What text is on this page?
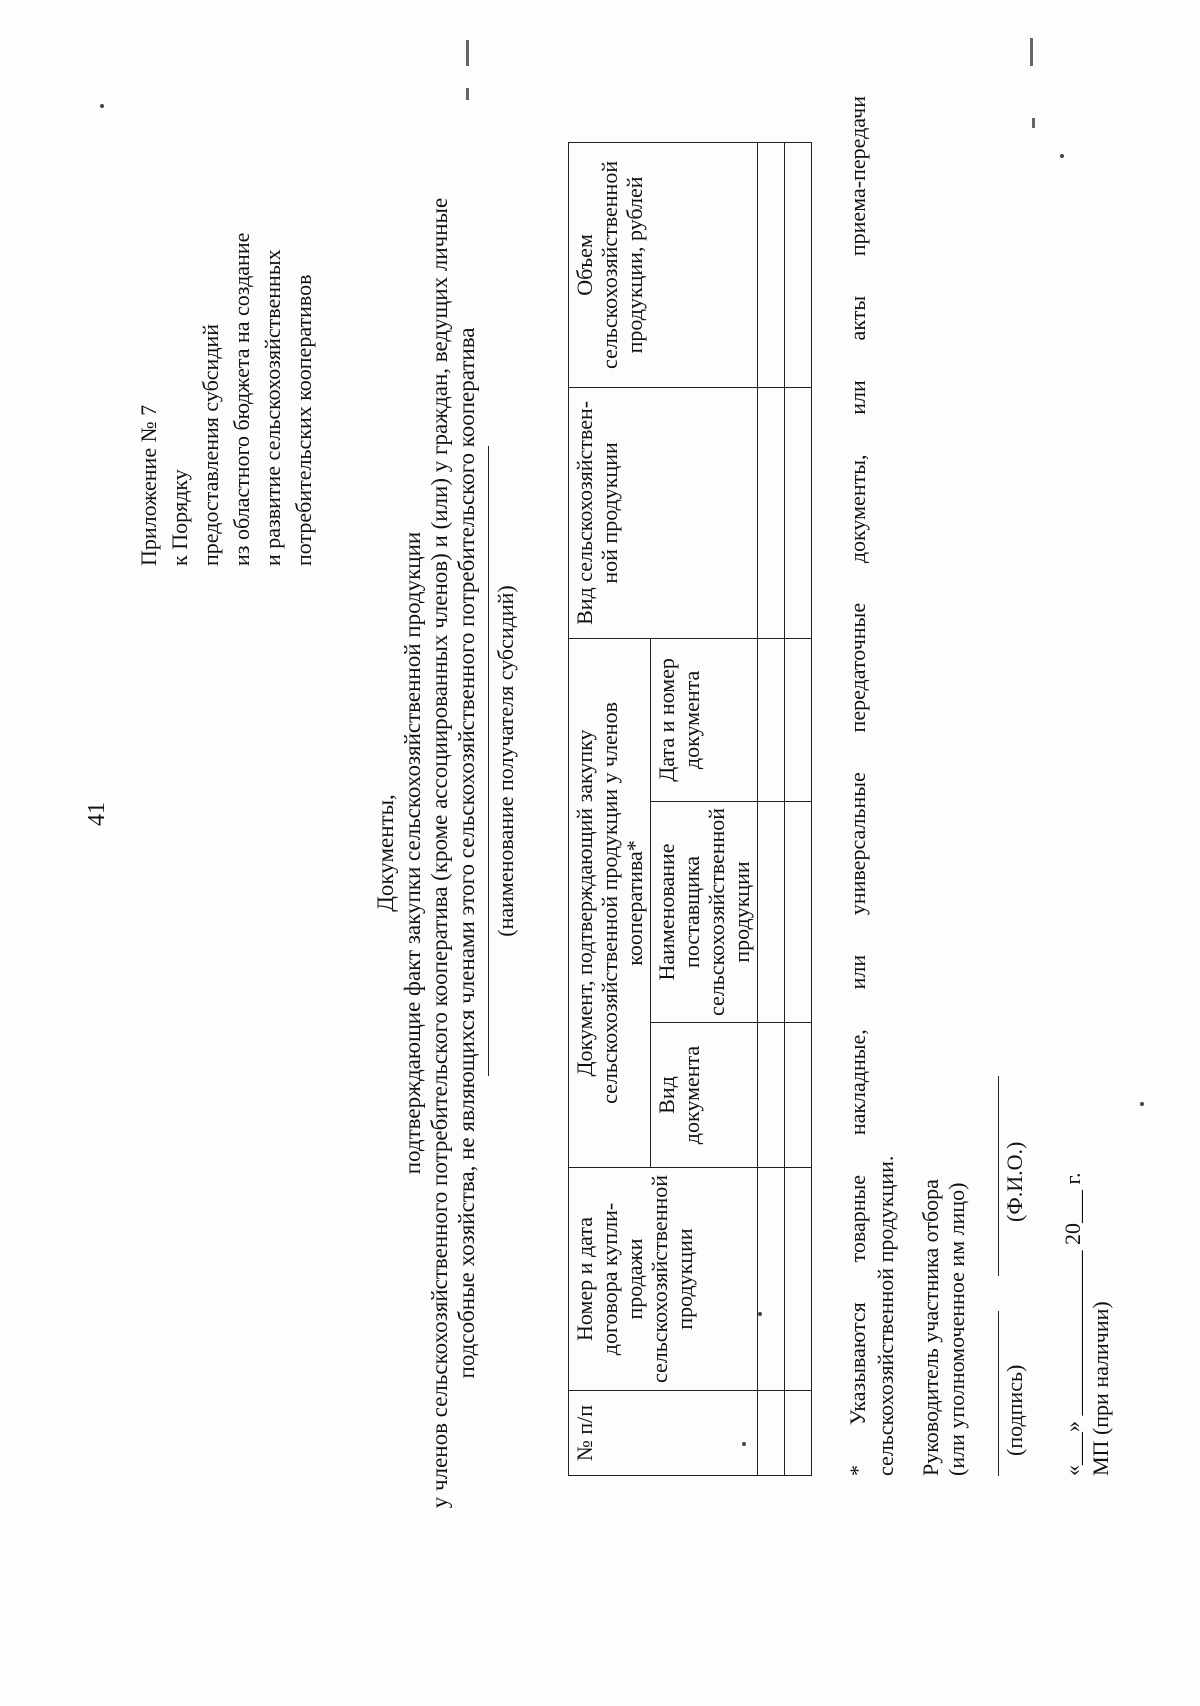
41
Приложение № 7 к Порядку предоставления субсидий из областного бюджета на создание и развитие сельскохозяйственных потребительских кооперативов
Документы, подтверждающие факт закупки сельскохозяйственной продукции у членов сельскохозяйственного потребительского кооператива (кроме ассоциированных членов) и (или) у граждан, ведущих личные подсобные хозяйства, не являющихся членами этого сельскохозяйственного потребительского кооператива (наименование получателя субсидий)
№ п/п	Номер и дата договора купли-продажи сельскохозяйственной продукции	Документ, подтверждающий закупку сельскохозяйственной продукции у членов кооператива*			Вид сельскохозяйствен-ной продукции	Объем сельскохозяйственной продукции, рублей
		Вид документа	Наименование поставщика сельскохозяйственной продукции	Дата и номер документа		

* Указываются товарные накладные, или универсальные передаточные документы, или акты приема-передачи
сельскохозяйственной продукции. Руководитель участника отбора (или уполномоченное им лицо) (подпись)
(Ф.И.О.) «___» _______________ 20___ г. МП (при наличии)
